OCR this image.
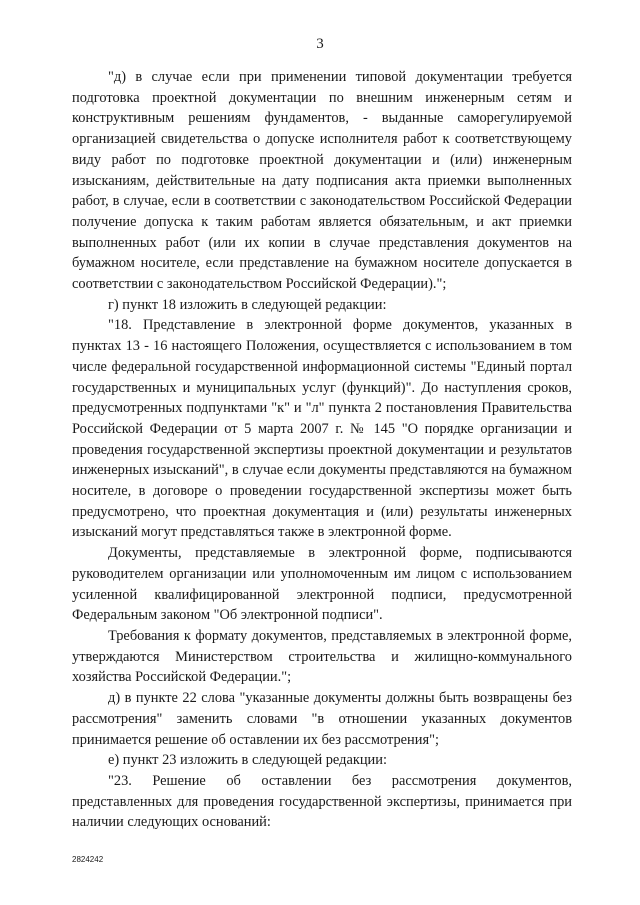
3

"д) в случае если при применении типовой документации требуется подготовка проектной документации по внешним инженерным сетям и конструктивным решениям фундаментов, - выданные саморегулируемой организацией свидетельства о допуске исполнителя работ к соответствующему виду работ по подготовке проектной документации и (или) инженерным изысканиям, действительные на дату подписания акта приемки выполненных работ, в случае, если в соответствии с законодательством Российской Федерации получение допуска к таким работам является обязательным, и акт приемки выполненных работ (или их копии в случае представления документов на бумажном носителе, если представление на бумажном носителе допускается в соответствии с законодательством Российской Федерации).";

г) пункт 18 изложить в следующей редакции:

"18. Представление в электронной форме документов, указанных в пунктах 13 - 16 настоящего Положения, осуществляется с использованием в том числе федеральной государственной информационной системы "Единый портал государственных и муниципальных услуг (функций)". До наступления сроков, предусмотренных подпунктами "к" и "л" пункта 2 постановления Правительства Российской Федерации от 5 марта 2007 г. № 145 "О порядке организации и проведения государственной экспертизы проектной документации и результатов инженерных изысканий", в случае если документы представляются на бумажном носителе, в договоре о проведении государственной экспертизы может быть предусмотрено, что проектная документация и (или) результаты инженерных изысканий могут представляться также в электронной форме.

Документы, представляемые в электронной форме, подписываются руководителем организации или уполномоченным им лицом с использованием усиленной квалифицированной электронной подписи, предусмотренной Федеральным законом "Об электронной подписи".

Требования к формату документов, представляемых в электронной форме, утверждаются Министерством строительства и жилищно-коммунального хозяйства Российской Федерации.";

д) в пункте 22 слова "указанные документы должны быть возвращены без рассмотрения" заменить словами "в отношении указанных документов принимается решение об оставлении их без рассмотрения";

е) пункт 23 изложить в следующей редакции:

"23. Решение об оставлении без рассмотрения документов, представленных для проведения государственной экспертизы, принимается при наличии следующих оснований:

2824242
